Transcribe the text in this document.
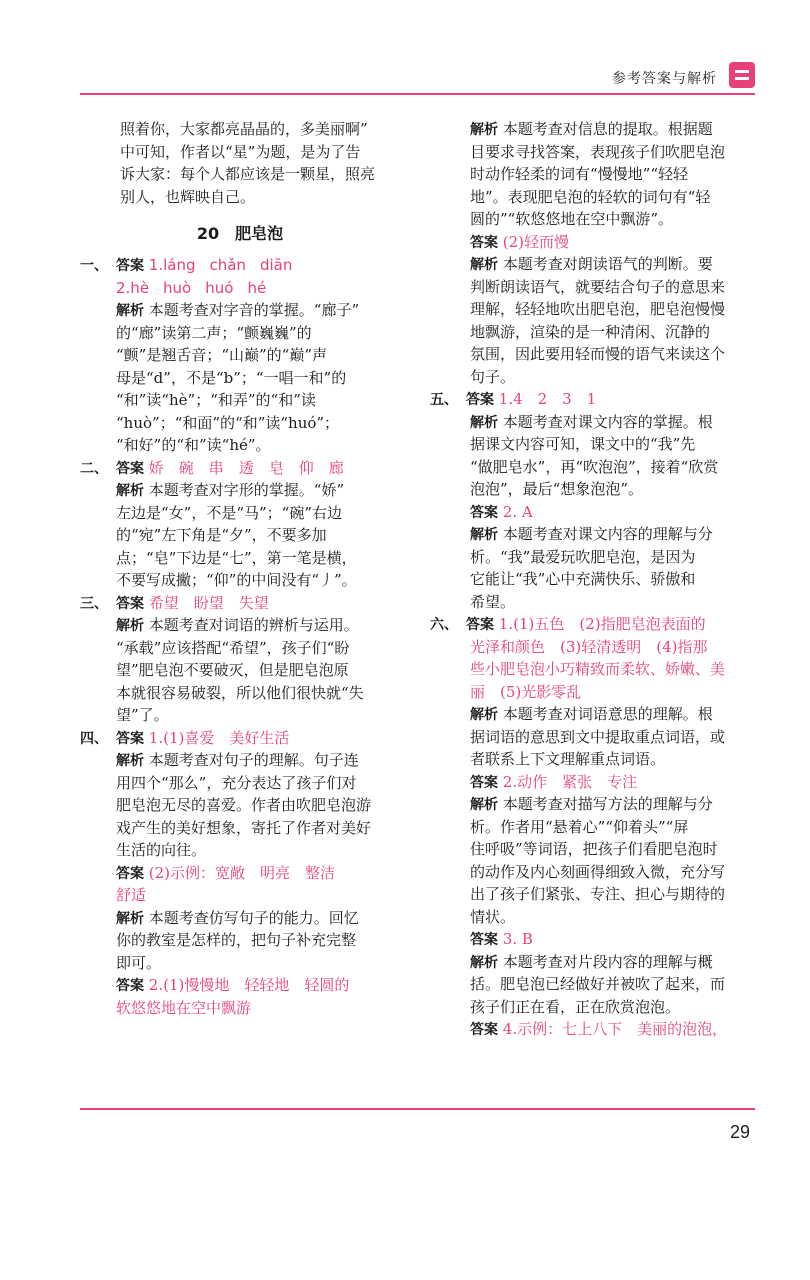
参考答案与解析
照着你，大家都亮晶晶的，多美丽啊”
中可知，作者以“星”为题，是为了告
诉大家：每个人都应该是一颗星，照亮
别人，也辉映自己。
20　肥皂泡
一、 答案 1.láng chǎn diān
2.hè huò huó hé
解析 本题考查对字音的掌握。“廊子”
的“廊”读第二声；“颤巍巍”的
“颤”是翘舌音；“山巅”的“巅”声
母是“d”，不是“b”；“一唱一和”的
“和”读“hè”；“和弄”的“和”读
“huò”；“和面”的“和”读“huó”；
“和好”的“和”读“hé”。
二、 答案 娇　碗　串　透　皂　仰　廊
解析 本题考查对字形的掌握。“娇”
左边是“女”，不是“马”；“碗”右边
的“宛”左下角是“夕”，不要多加
点；“皂”下边是“七”，第一笔是横，
不要写成撇；“仰”的中间没有“丿”。
三、 答案 希望　盼望　失望
解析 本题考查对词语的辨析与运用。
“承载”应该搭配“希望”，孩子们“盼
望”肥皂泡不要破灭，但是肥皂泡原
本就很容易破裂，所以他们很快就“失
望”了。
四、 答案 1.(1)喜爱　美好生活
解析 本题考查对句子的理解。句子连
用四个“那么”，充分表达了孩子们对
肥皂泡无尽的喜爱。作者由吹肥皂泡游
戏产生的美好想象，寄托了作者对美好
生活的向往。
答案 (2)示例：宽敞　明亮　整洁
舒适
解析 本题考查仿写句子的能力。回忆
你的教室是怎样的，把句子补充完整
即可。
答案 2.(1)慢慢地　轻轻地　轻圆的
软悠悠地在空中飘游
解析 本题考查对信息的提取。根据题
目要求寻找答案，表现孩子们吹肥皂泡
时动作轻柔的词有“慢慢地”“轻轻
地”。表现肥皂泡的轻软的词句有“轻
圆的”“软悠悠地在空中飘游”。
答案 (2)轻而慢
解析 本题考查对朗读语气的判断。要
判断朗读语气，就要结合句子的意思来
理解，轻轻地吹出肥皂泡，肥皂泡慢慢
地飘游，渲染的是一种清闲、沉静的
氛围，因此要用轻而慢的语气来读这个
句子。
五、 答案 1.4　2　3　1
解析 本题考查对课文内容的掌握。根
据课文内容可知，课文中的“我”先
“做肥皂水”，再“吹泡泡”，接着“欣赏
泡泡”，最后“想象泡泡”。
答案 2. A
解析 本题考查对课文内容的理解与分
析。“我”最爱玩吹肥皂泡，是因为
它能让“我”心中充满快乐、骄傲和
希望。
六、 答案 1.(1)五色　(2)指肥皂泡表面的
光泽和颜色　(3)轻清透明　(4)指那
些小肥皂泡小巧精致而柔软、娇嫩、美
丽　(5)光影零乱
解析 本题考查对词语意思的理解。根
据词语的意思到文中提取重点词语，或
者联系上下文理解重点词语。
答案 2.动作　紧张　专注
解析 本题考查对描写方法的理解与分
析。作者用“悬着心”“仰着头”“屏
住呼吸”等词语，把孩子们看肥皂泡时
的动作及内心刻画得细致入微，充分写
出了孩子们紧张、专注、担心与期待的
情状。
答案 3. B
解析 本题考查对片段内容的理解与概
括。肥皂泡已经做好并被吹了起来，而
孩子们正在看，正在欣赏泡泡。
答案 4.示例：七上八下　美丽的泡泡，
29
